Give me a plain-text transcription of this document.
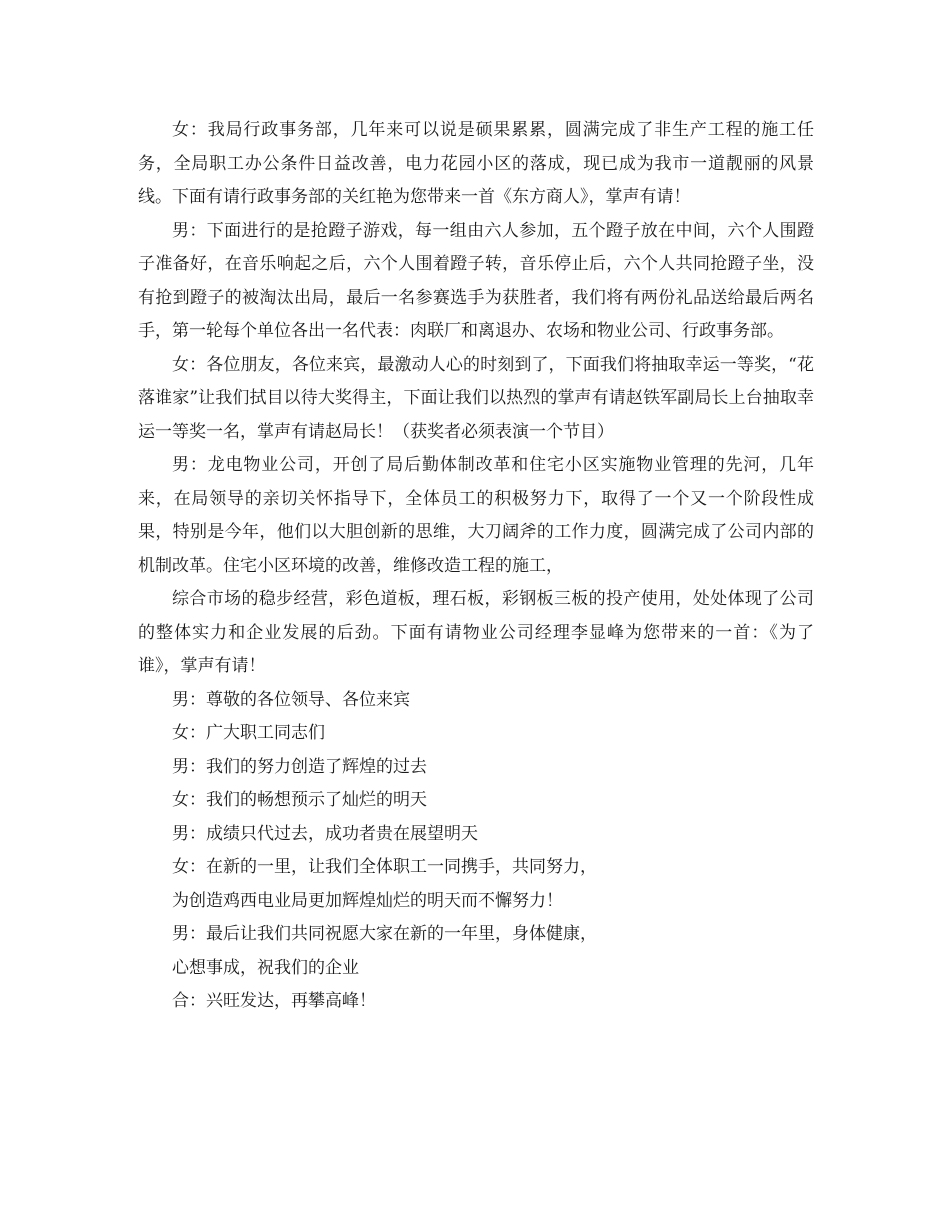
女：我局行政事务部，几年来可以说是硕果累累，圆满完成了非生产工程的施工任务，全局职工办公条件日益改善，电力花园小区的落成，现已成为我市一道靓丽的风景线。下面有请行政事务部的关红艳为您带来一首《东方商人》，掌声有请！

男：下面进行的是抢蹬子游戏，每一组由六人参加，五个蹬子放在中间，六个人围蹬子准备好，在音乐响起之后，六个人围着蹬子转，音乐停止后，六个人共同抢蹬子坐，没有抢到蹬子的被淘汰出局，最后一名参赛选手为获胜者，我们将有两份礼品送给最后两名手，第一轮每个单位各出一名代表：肉联厂和离退办、农场和物业公司、行政事务部。

女：各位朋友，各位来宾，最激动人心的时刻到了，下面我们将抽取幸运一等奖，“花落谁家”让我们拭目以待大奖得主，下面让我们以热烈的掌声有请赵铁军副局长上台抽取幸运一等奖一名，掌声有请赵局长！（获奖者必须表演一个节目）

男：龙电物业公司，开创了局后勤体制改革和住宅小区实施物业管理的先河，几年来，在局领导的亲切关怀指导下，全体员工的积极努力下，取得了一个又一个阶段性成果，特别是今年，他们以大胆创新的思维，大刀阔斧的工作力度，圆满完成了公司内部的机制改革。住宅小区环境的改善，维修改造工程的施工，

综合市场的稳步经营，彩色道板，理石板，彩钢板三板的投产使用，处处体现了公司的整体实力和企业发展的后劲。下面有请物业公司经理李显峰为您带来的一首：《为了谁》，掌声有请！

男：尊敬的各位领导、各位来宾

女：广大职工同志们

男：我们的努力创造了辉煌的过去

女：我们的畅想预示了灿烂的明天

男：成绩只代过去，成功者贵在展望明天

女：在新的一里，让我们全体职工一同携手，共同努力，

为创造鸡西电业局更加辉煌灿烂的明天而不懈努力！

男：最后让我们共同祝愿大家在新的一年里，身体健康，

心想事成，祝我们的企业

合：兴旺发达，再攀高峰！
